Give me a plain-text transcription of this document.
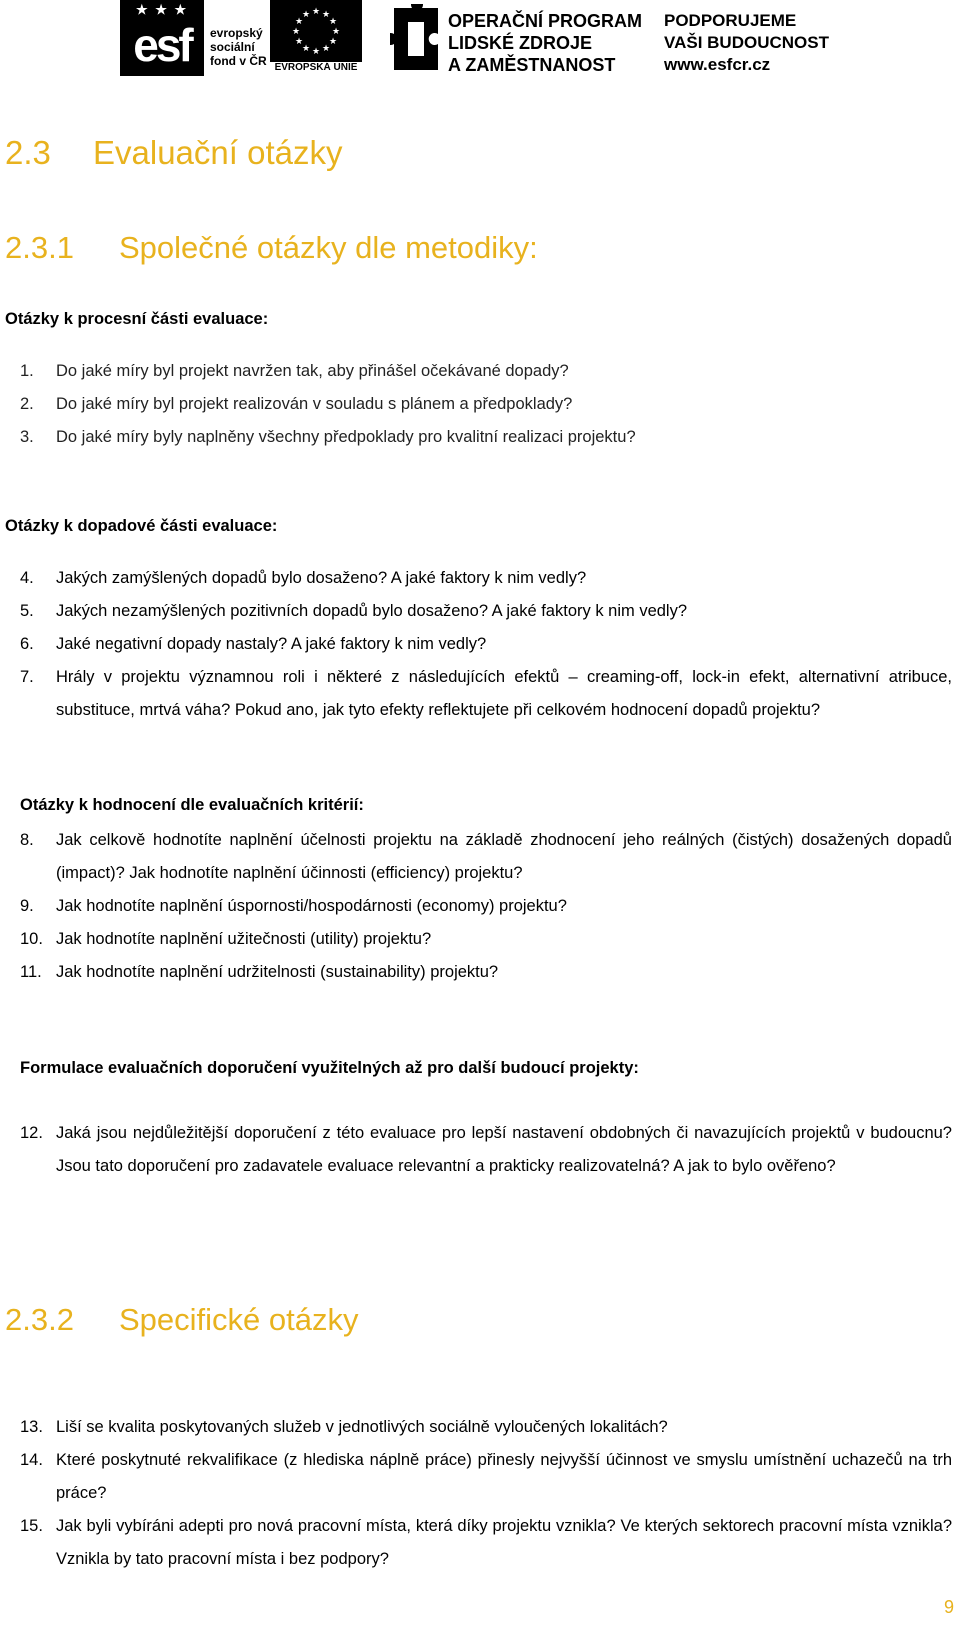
★ ★ ★
esf evropský
sociální
fond v ČR
★ ★
★
★
★
★
★
★
★
★
★
★
EVROPSKÁ UNIE
OPERAČNÍ PROGRAM
LIDSKÉ ZDROJE
A ZAMĚSTNANOST
PODPORUJEME
VAŠI BUDOUCNOST
www.esfcr.cz
2.3 Evaluační otázky
2.3.1 Společné otázky dle metodiky:

Otázky k procesní části evaluace:

1. Do jaké míry byl projekt navržen tak, aby přinášel očekávané dopady?
2. Do jaké míry byl projekt realizován v souladu s plánem a předpoklady?
3. Do jaké míry byly naplněny všechny předpoklady pro kvalitní realizaci projektu?

Otázky k dopadové části evaluace:

4. Jakých zamýšlených dopadů bylo dosaženo? A jaké faktory k nim vedly?
5. Jakých nezamýšlených pozitivních dopadů bylo dosaženo? A jaké faktory k nim vedly?
6. Jaké negativní dopady nastaly? A jaké faktory k nim vedly?
7. Hrály v projektu významnou roli i některé z následujících efektů – creaming-off, lock-in efekt, alternativní atribuce, substituce, mrtvá váha? Pokud ano, jak tyto efekty reflektujete při celkovém hodnocení dopadů projektu?

Otázky k hodnocení dle evaluačních kritérií:

8. Jak celkově hodnotíte naplnění účelnosti projektu na základě zhodnocení jeho reálných (čistých) dosažených dopadů (impact)? Jak hodnotíte naplnění účinnosti (efficiency) projektu?
9. Jak hodnotíte naplnění úspornosti/hospodárnosti (economy) projektu?
10. Jak hodnotíte naplnění užitečnosti (utility) projektu?
11. Jak hodnotíte naplnění udržitelnosti (sustainability) projektu?

Formulace evaluačních doporučení využitelných až pro další budoucí projekty:

12. Jaká jsou nejdůležitější doporučení z této evaluace pro lepší nastavení obdobných či navazujících projektů v budoucnu? Jsou tato doporučení pro zadavatele evaluace relevantní a prakticky realizovatelná? A jak to bylo ověřeno?
2.3.2 Specifické otázky
13. Liší se kvalita poskytovaných služeb v jednotlivých sociálně vyloučených lokalitách?
14. Které poskytnuté rekvalifikace (z hlediska náplně práce) přinesly nejvyšší účinnost ve smyslu umístnění uchazečů na trh práce?
15. Jak byli vybíráni adepti pro nová pracovní místa, která díky projektu vznikla? Ve kterých sektorech pracovní místa vznikla? Vznikla by tato pracovní místa i bez podpory?
9
